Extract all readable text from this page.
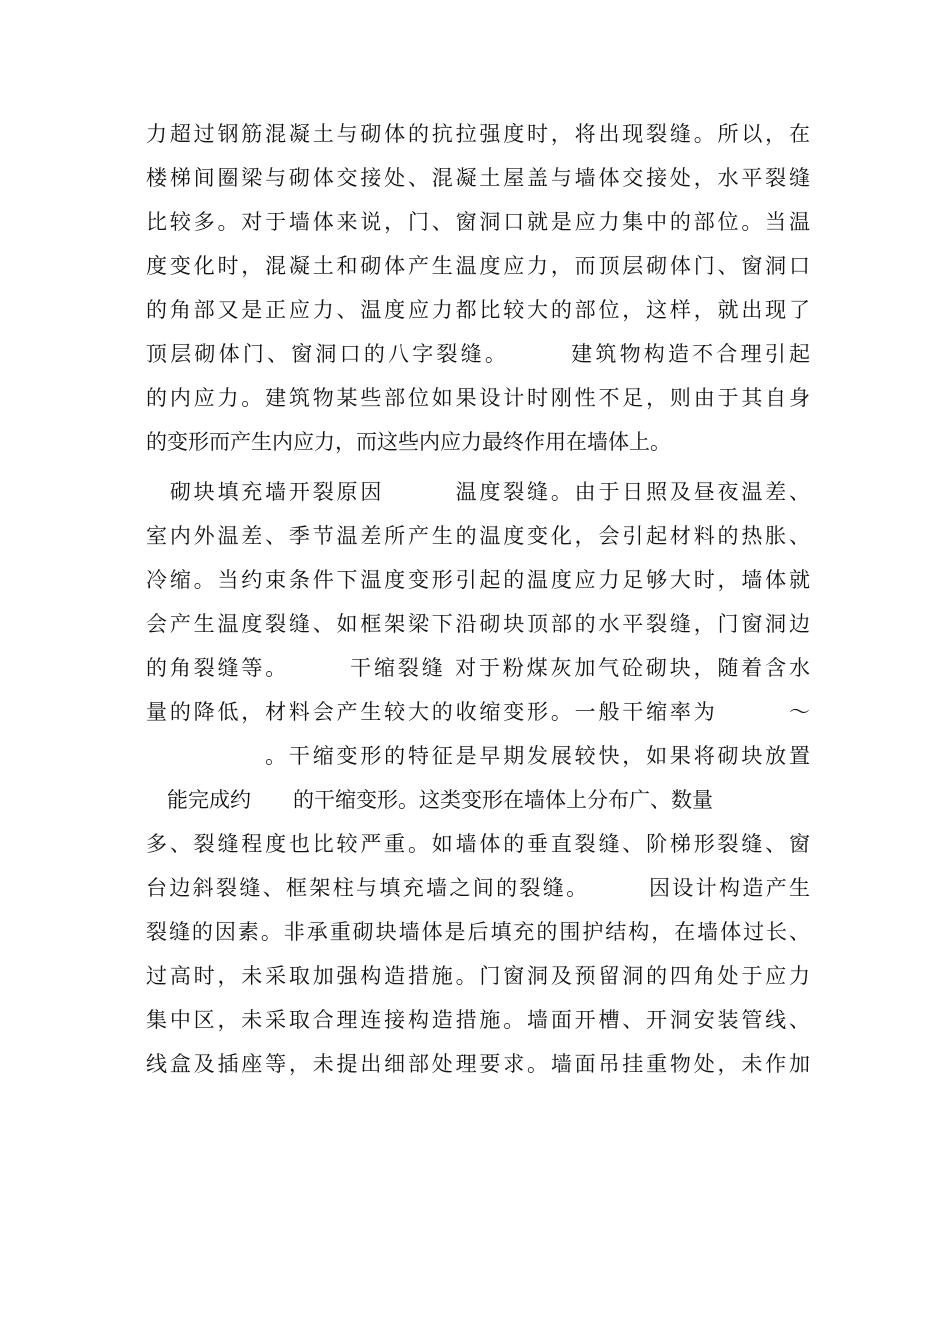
力超过钢筋混凝土与砌体的抗拉强度时，将出现裂缝。所以，在
楼梯间圈梁与砌体交接处、混凝土屋盖与墙体交接处，水平裂缝
比较多。对于墙体来说，门、窗洞口就是应力集中的部位。当温
度变化时，混凝土和砌体产生温度应力，而顶层砌体门、窗洞口
的角部又是正应力、温度应力都比较大的部位，这样，就出现了
顶层砌体门、窗洞口的八字裂缝。　　　建筑物构造不合理引起
的内应力。建筑物某些部位如果设计时刚性不足，则由于其自身
的变形而产生内应力，而这些内应力最终作用在墙体上。
　砌块填充墙开裂原因　　　温度裂缝。由于日照及昼夜温差、
室内外温差、季节温差所产生的温度变化，会引起材料的热胀、
冷缩。当约束条件下温度变形引起的温度应力足够大时，墙体就
会产生温度裂缝、如框架梁下沿砌块顶部的水平裂缝，门窗洞边
的角裂缝等。　　　干缩裂缝 对于粉煤灰加气砼砌块，随着含水
量的降低，材料会产生较大的收缩变形。一般干缩率为　　　～
　　　　　。干缩变形的特征是早期发展较快，如果将砌块放置
　能完成约　　的干缩变形。这类变形在墙体上分布广、数量
多、裂缝程度也比较严重。如墙体的垂直裂缝、阶梯形裂缝、窗
台边斜裂缝、框架柱与填充墙之间的裂缝。　　　因设计构造产生
裂缝的因素。非承重砌块墙体是后填充的围护结构，在墙体过长、
过高时，未采取加强构造措施。门窗洞及预留洞的四角处于应力
集中区，未采取合理连接构造措施。墙面开槽、开洞安装管线、
线盒及插座等，未提出细部处理要求。墙面吊挂重物处，未作加
